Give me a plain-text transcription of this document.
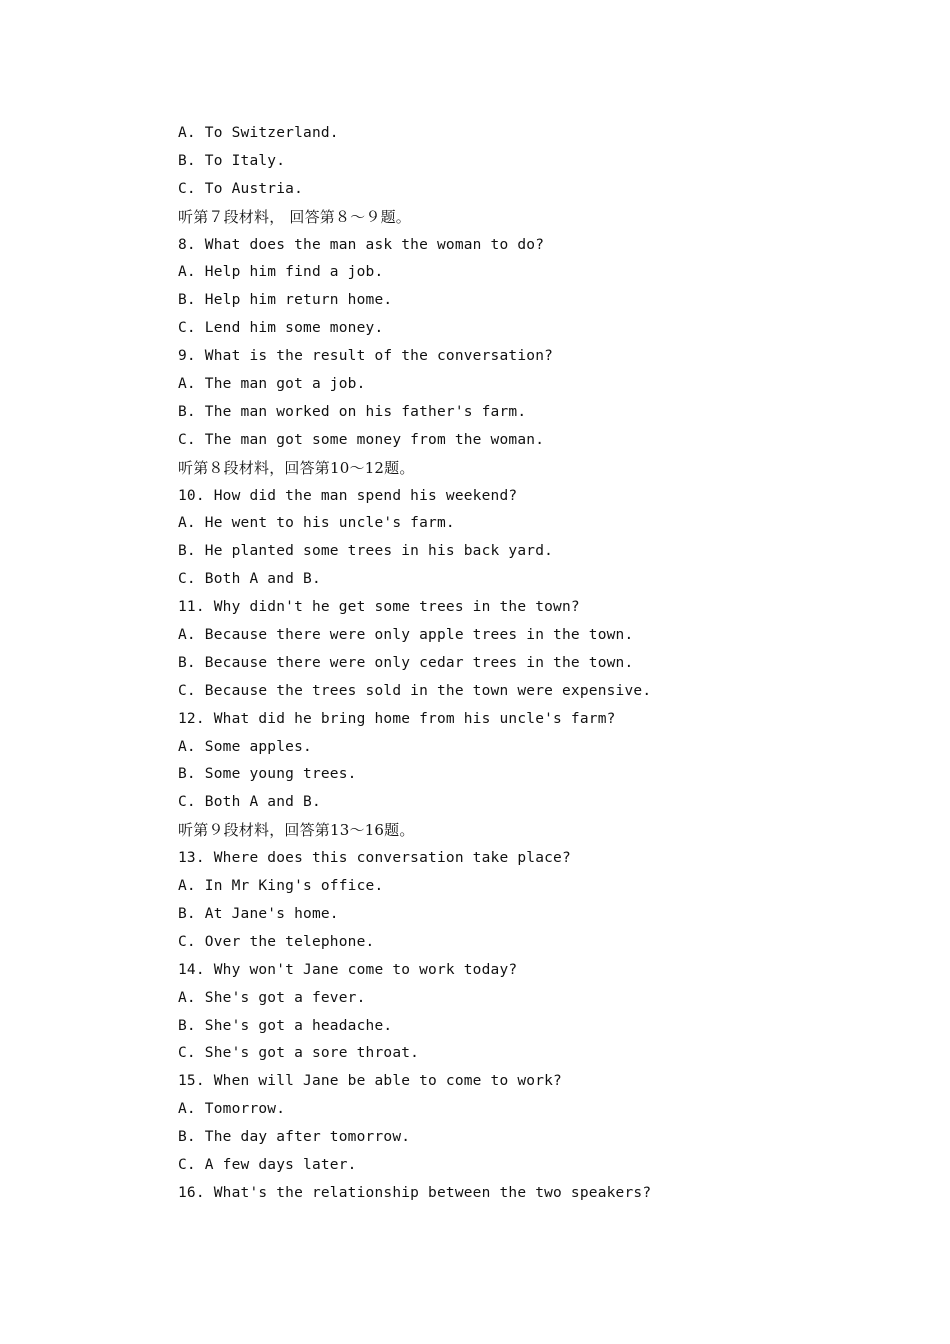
A. To Switzerland.
B. To Italy.
C. To Austria.
听第７段材料， 回答第８～９题。
8. What does the man ask the woman to do?
A. Help him find a job.
B. Help him return home.
C. Lend him some money.
9. What is the result of the conversation?
A. The man got a job.
B. The man worked on his father's farm.
C. The man got some money from the woman.
听第８段材料，回答第10～12题。
10. How did the man spend his weekend?
A. He went to his uncle's farm.
B. He planted some trees in his back yard.
C. Both A and B.
11. Why didn't he get some trees in the town?
A. Because there were only apple trees in the town.
B. Because there were only cedar trees in the town.
C. Because the trees sold in the town were expensive.
12. What did he bring home from his uncle's farm?
A. Some apples.
B. Some young trees.
C. Both A and B.
听第９段材料，回答第13～16题。
13. Where does this conversation take place?
A. In Mr King's office.
B. At Jane's home.
C. Over the telephone.
14. Why won't Jane come to work today?
A. She's got a fever.
B. She's got a headache.
C. She's got a sore throat.
15. When will Jane be able to come to work?
A. Tomorrow.
B. The day after tomorrow.
C. A few days later.
16. What's the relationship between the two speakers?
